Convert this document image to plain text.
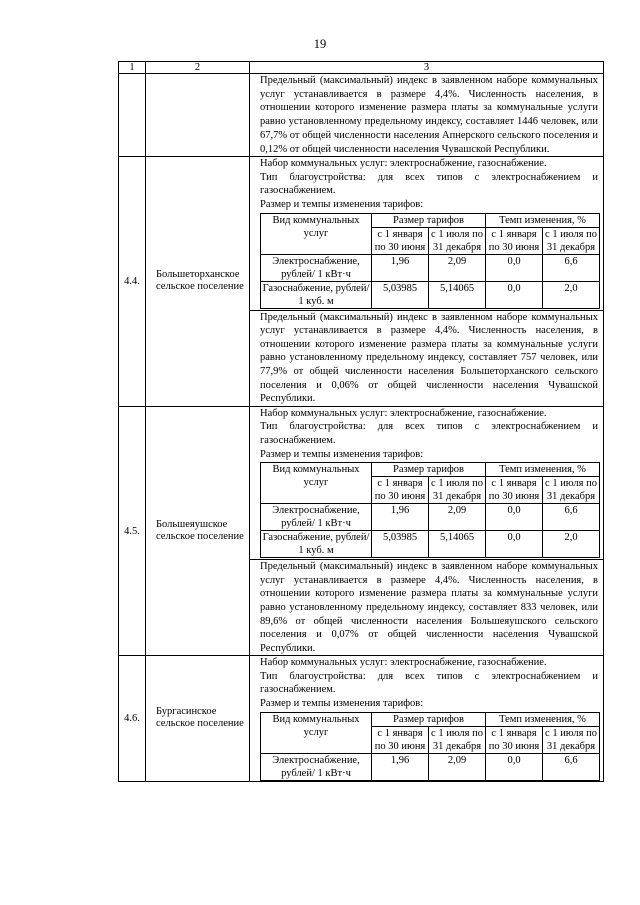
19
1	2	3

Предельный (максимальный) индекс в заявленном наборе коммунальных услуг устанавливается в размере 4,4%. Численность населения, в отношении которого изменение размера платы за коммунальные услуги равно установленному предельному индексу, составляет 1446 человек, или 67,7% от общей численности населения Апнерского сельского поселения и 0,12% от общей численности населения Чувашской Республики.

4.4.	Большеторханское сельское поселение	
Набор коммунальных услуг: электроснабжение, газоснабжение.
Тип благоустройства: для всех типов с электроснабжением и газоснабжением.
Размер и темпы изменения тарифов:
Вид коммунальных услуг	Размер тарифов	Темп изменения, %
с 1 января по 30 июня	с 1 июля по 31 декабря	с 1 января по 30 июня	с 1 июля по 31 декабря
Электроснабжение, рублей/ 1 кВт·ч	1,96	2,09	0,0	6,6
Газоснабжение, рублей/ 1 куб. м	5,03985	5,14065	0,0	2,0
Предельный (максимальный) индекс в заявленном наборе коммунальных услуг устанавливается в размере 4,4%. Численность населения, в отношении которого изменение размера платы за коммунальные услуги равно установленному предельному индексу, составляет 757 человек, или 77,9% от общей численности населения Большеторханского сельского поселения и 0,06% от общей численности населения Чувашской Республики.

4.5.	Большеяушское сельское поселение	
Набор коммунальных услуг: электроснабжение, газоснабжение.
Тип благоустройства: для всех типов с электроснабжением и газоснабжением.
Размер и темпы изменения тарифов:
Вид коммунальных услуг	Размер тарифов	Темп изменения, %
с 1 января по 30 июня	с 1 июля по 31 декабря	с 1 января по 30 июня	с 1 июля по 31 декабря
Электроснабжение, рублей/ 1 кВт·ч	1,96	2,09	0,0	6,6
Газоснабжение, рублей/ 1 куб. м	5,03985	5,14065	0,0	2,0
Предельный (максимальный) индекс в заявленном наборе коммунальных услуг устанавливается в размере 4,4%. Численность населения, в отношении которого изменение размера платы за коммунальные услуги равно установленному предельному индексу, составляет 833 человек, или 89,6% от общей численности населения Большеяушского сельского поселения и 0,07% от общей численности населения Чувашской Республики.

4.6.	Бургасинское сельское поселение	
Набор коммунальных услуг: электроснабжение, газоснабжение.
Тип благоустройства: для всех типов с электроснабжением и газоснабжением.
Размер и темпы изменения тарифов:
Вид коммунальных услуг	Размер тарифов	Темп изменения, %
с 1 января по 30 июня	с 1 июля по 31 декабря	с 1 января по 30 июня	с 1 июля по 31 декабря
Электроснабжение, рублей/ 1 кВт·ч	1,96	2,09	0,0	6,6
